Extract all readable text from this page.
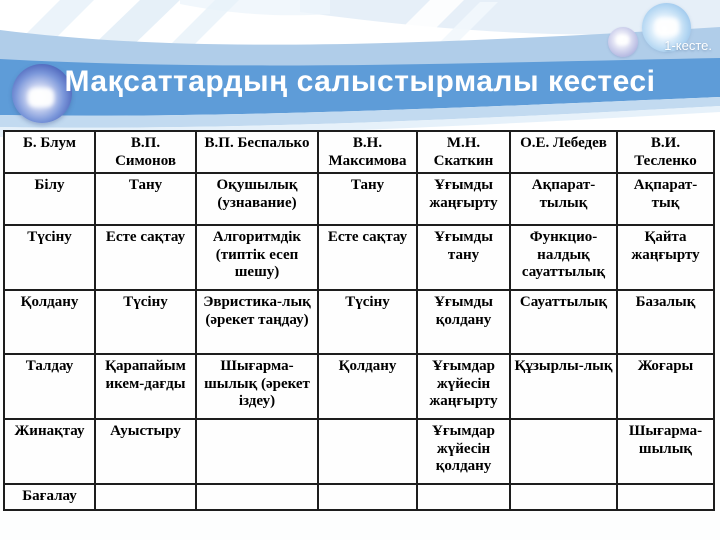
1-кесте.
Мақсаттардың салыстырмалы кестесі
Б. Блум	В.П. Симонов	В.П. Беспалько	В.Н. Максимова	М.Н. Скаткин	О.Е. Лебедев	В.И. Тесленко
Білу	Тану	Оқушылық (узнавание)	Тану	Ұғымды жаңғырту	Ақпарат-тылық	Ақпарат-тық
Түсіну	Есте сақтау	Алгоритмдік (типтік есеп шешу)	Есте сақтау	Ұғымды тану	Функцио-налдық сауаттылық	Қайта жаңғырту
Қолдану	Түсіну	Эвристика-лық (әрекет таңдау)	Түсіну	Ұғымды қолдану	Сауаттылық	Базалық
Талдау	Қарапайым икем-дағды	Шығарма-шылық (әрекет іздеу)	Қолдану	Ұғымдар жүйесін жаңғырту	Құзырлы-лық	Жоғары
Жинақтау	Ауыстыру			Ұғымдар жүйесін қолдану		Шығарма-шылық
Бағалау						
